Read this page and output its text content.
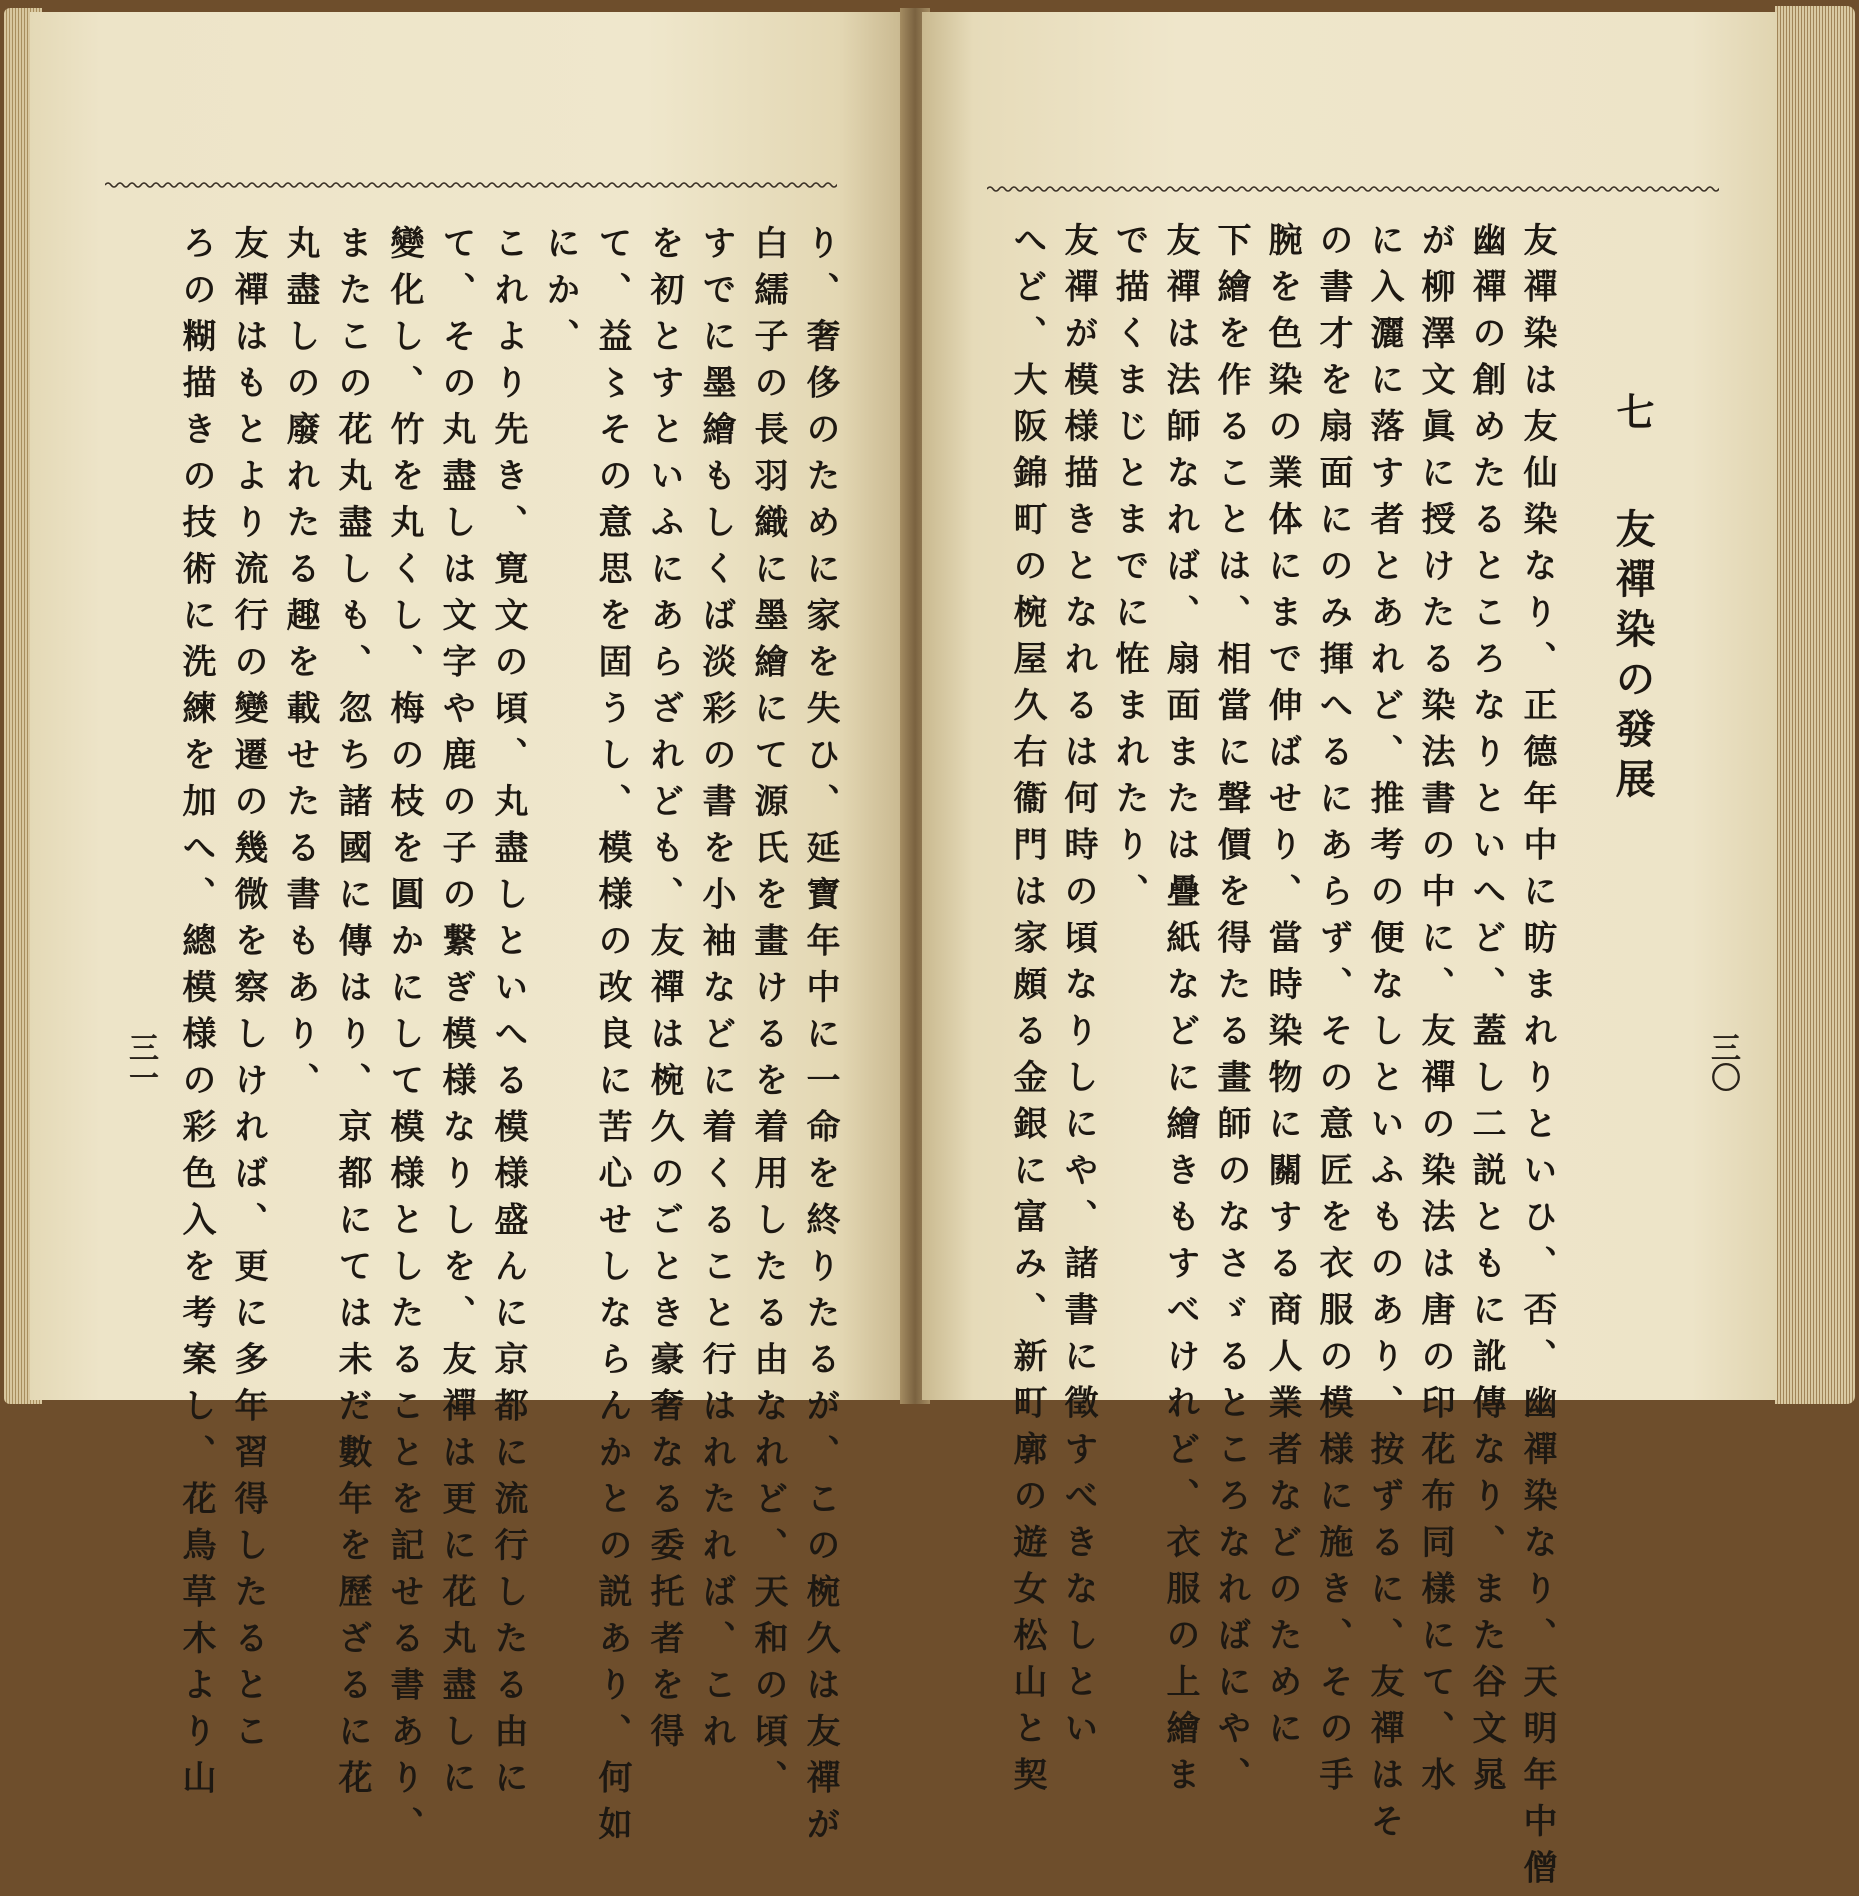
り、奢侈のために家を失ひ、延寶年中に一命を終りたるが、この椀久は友禪が
白繻子の長羽織に墨繪にて源氏を畫けるを着用したる由なれど、天和の頃、
すでに墨繪もしくば淡彩の書を小袖などに着くること行はれたれば、これ
を初とすといふにあらざれども、友禪は椀久のごとき豪奢なる委托者を得
て、益〻その意思を固うし、模様の改良に苦心せしならんかとの説あり、何如
にか、
これより先き、寛文の頃、丸盡しといへる模様盛んに京都に流行したる由に
て、その丸盡しは文字や鹿の子の繋ぎ模様なりしを、友禪は更に花丸盡しに
變化し、竹を丸くし、梅の枝を圓かにして模様としたることを記せる書あり、
またこの花丸盡しも、忽ち諸國に傳はり、京都にては未だ數年を歷ざるに花
丸盡しの廢れたる趣を載せたる書もあり、
友禪はもとより流行の變遷の幾微を察しければ、更に多年習得したるとこ
ろの糊描きの技術に洗練を加へ、總模様の彩色入を考案し、花鳥草木より山
三一
七  友禪染の發展
友禪染は友仙染なり、正德年中に昉まれりといひ、否、幽禪染なり、天明年中僧
幽禪の創めたるところなりといへど、蓋し二説ともに訛傳なり、また谷文晁
が柳澤文眞に授けたる染法書の中に、友禪の染法は唐の印花布同樣にて、水
に入灑に落す者とあれど、推考の便なしといふものあり、按ずるに、友禪はそ
の書才を扇面にのみ揮へるにあらず、その意匠を衣服の模様に施き、その手
腕を色染の業体にまで伸ばせり、當時染物に關する商人業者などのために
下繪を作ることは、相當に聲價を得たる畫師のなさゞるところなればにや、
友禪は法師なれば、扇面または疊紙などに繪きもすべけれど、衣服の上繪ま
で描くまじとまでに恠まれたり、
友禪が模様描きとなれるは何時の頃なりしにや、諸書に徵すべきなしとい
へど、大阪錦町の椀屋久右衞門は家頗る金銀に富み、新町廓の遊女松山と契	三〇
